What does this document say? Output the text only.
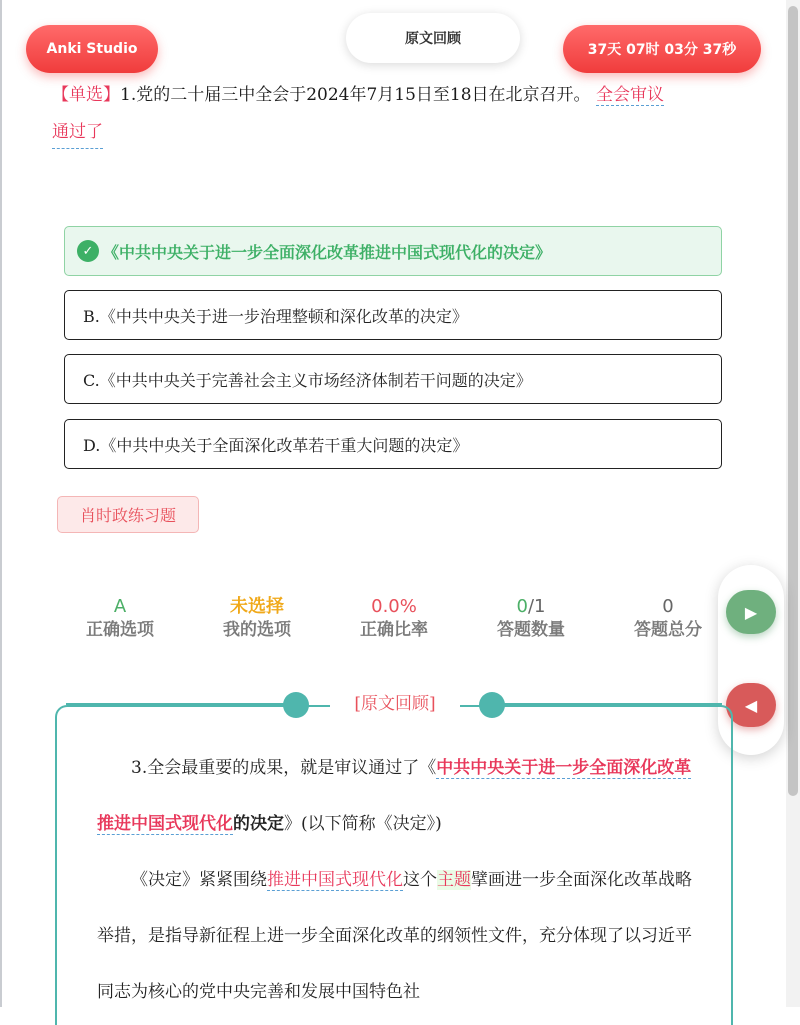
Anki Studio
原文回顾
37天 07时 03分 37秒
【单选】1.党的二十届三中全会于2024年7月15日至18日在北京召开。 全会审议
通过了
✓ 《中共中央关于进一步全面深化改革推进中国式现代化的决定》
B.《中共中央关于进一步治理整顿和深化改革的决定》
C.《中共中央关于完善社会主义市场经济体制若干问题的决定》
D.《中共中央关于全面深化改革若干重大问题的决定》
肖时政练习题
A
正确选项
未选择
我的选项
0.0%
正确比率
0/1
答题数量
0
答题总分
▶
◀
[原文回顾]

3.全会最重要的成果，就是审议通过了《中共中央关于进一步全面深化改革推进中国式现代化的决定》(以下简称《决定》)

《决定》紧紧围绕推进中国式现代化这个主题擘画进一步全面深化改革战略举措，是指导新征程上进一步全面深化改革的纲领性文件，充分体现了以习近平同志为核心的党中央完善和发展中国特色社
